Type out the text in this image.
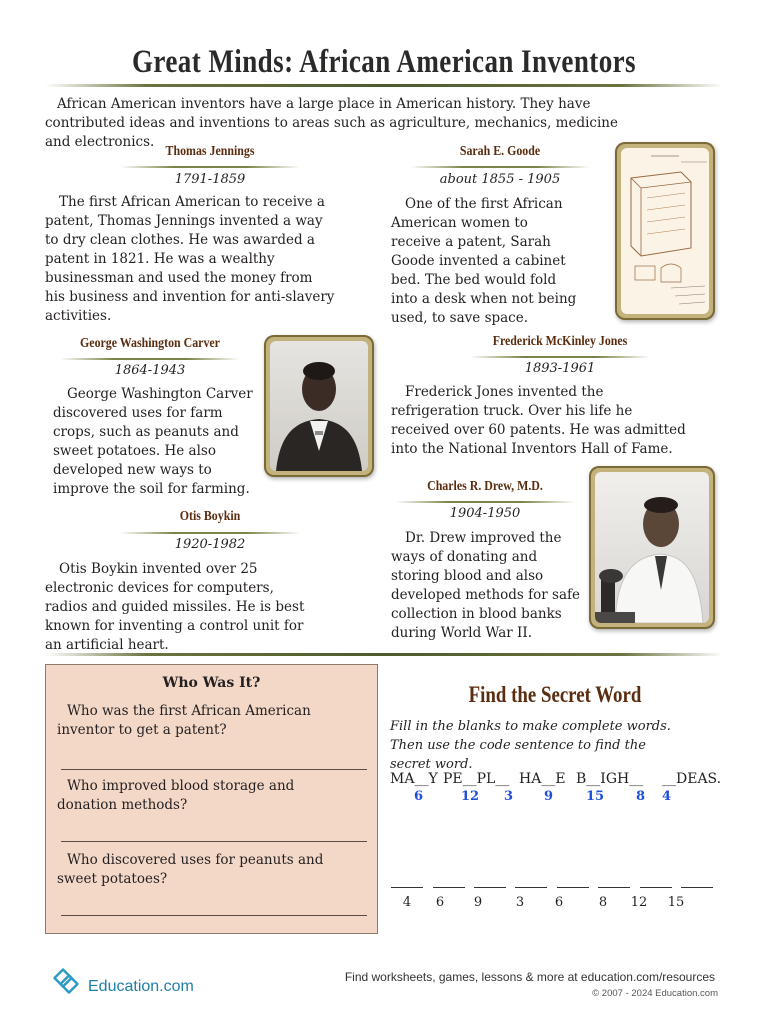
Great Minds: African American Inventors

African American inventors have a large place in American history. They have contributed ideas and inventions to areas such as agriculture, mechanics, medicine and electronics.

Thomas Jennings
1791-1859

The first African American to receive a patent, Thomas Jennings invented a way to dry clean clothes. He was awarded a patent in 1821. He was a wealthy businessman and used the money from his business and invention for anti-slavery activities.

Sarah E. Goode
about 1855 - 1905

One of the first African American women to receive a patent, Sarah Goode invented a cabinet bed. The bed would fold into a desk when not being used, to save space.

George Washington Carver
1864-1943

George Washington Carver discovered uses for farm crops, such as peanuts and sweet potatoes. He also developed new ways to improve the soil for farming.

Frederick McKinley Jones
1893-1961

Frederick Jones invented the refrigeration truck. Over his life he received over 60 patents. He was admitted into the National Inventors Hall of Fame.

Otis Boykin
1920-1982

Otis Boykin invented over 25 electronic devices for computers, radios and guided missiles. He is best known for inventing a control unit for an artificial heart.

Charles R. Drew, M.D.
1904-1950

Dr. Drew improved the ways of donating and storing blood and also developed methods for safe collection in blood banks during World War II.

Who Was It?

Who was the first African American inventor to get a patent?

Who improved blood storage and donation methods?

Who discovered uses for peanuts and sweet potatoes?

Find the Secret Word

Fill in the blanks to make complete words. Then use the code sentence to find the secret word.

MA__Y PE__PL__ HA__E B__IGH__ __DEAS.
6	12 3 9	15 8 4
4	6	9	3	6	8	12	15
Education.com
Find worksheets, games, lessons & more at education.com/resources
© 2007 - 2024 Education.com
